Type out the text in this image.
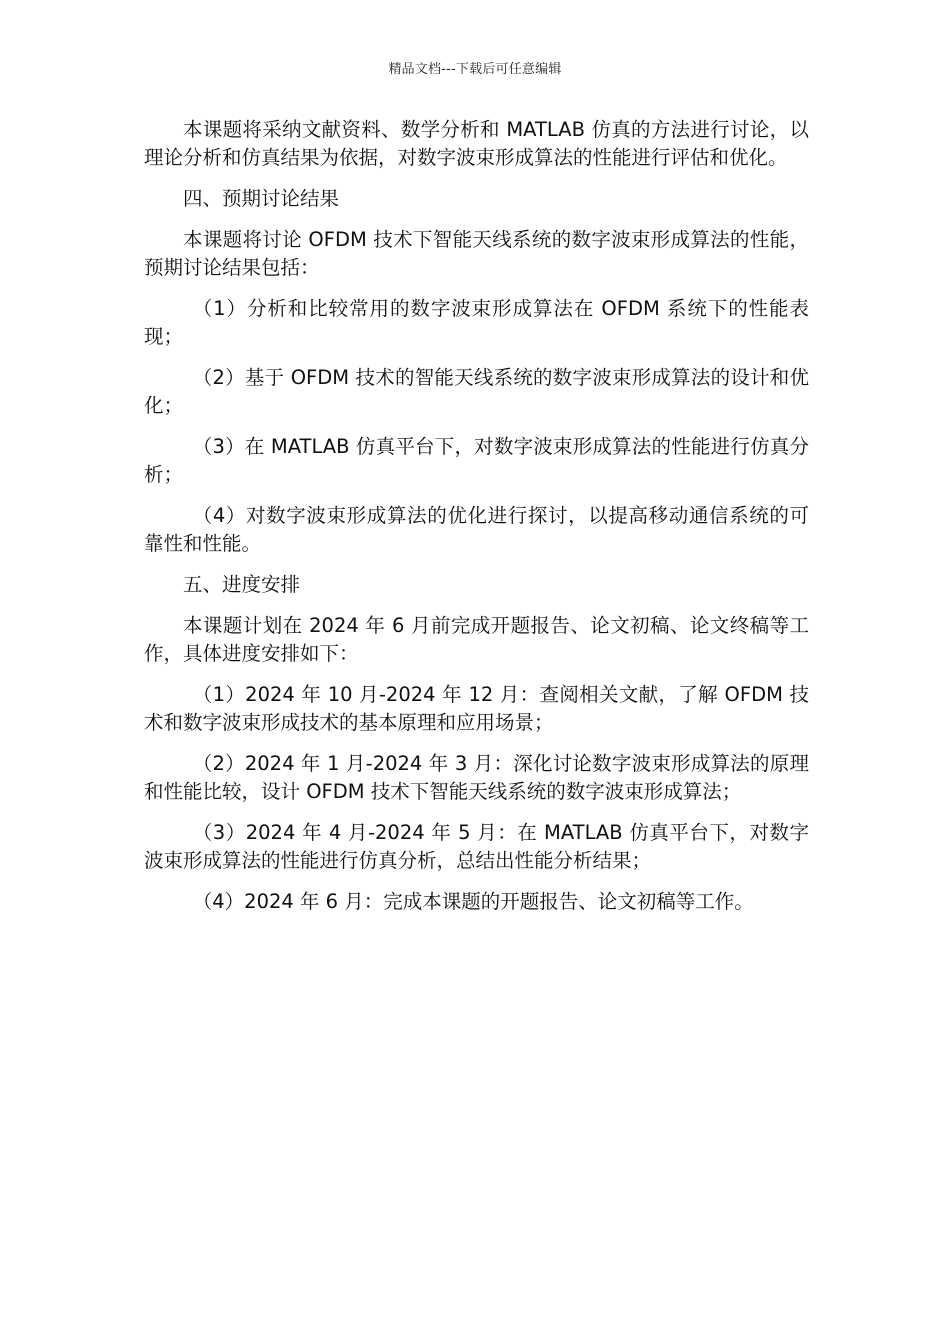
精品文档---下载后可任意编辑

本课题将采纳文献资料、数学分析和 MATLAB 仿真的方法进行讨论，以理论分析和仿真结果为依据，对数字波束形成算法的性能进行评估和优化。

四、预期讨论结果

本课题将讨论 OFDM 技术下智能天线系统的数字波束形成算法的性能，预期讨论结果包括：

（1）分析和比较常用的数字波束形成算法在 OFDM 系统下的性能表现；

（2）基于 OFDM 技术的智能天线系统的数字波束形成算法的设计和优化；

（3）在 MATLAB 仿真平台下，对数字波束形成算法的性能进行仿真分析；

（4）对数字波束形成算法的优化进行探讨，以提高移动通信系统的可靠性和性能。

五、进度安排

本课题计划在 2024 年 6 月前完成开题报告、论文初稿、论文终稿等工作，具体进度安排如下：

（1）2024 年 10 月-2024 年 12 月：查阅相关文献，了解 OFDM 技术和数字波束形成技术的基本原理和应用场景；

（2）2024 年 1 月-2024 年 3 月：深化讨论数字波束形成算法的原理和性能比较，设计 OFDM 技术下智能天线系统的数字波束形成算法；

（3）2024 年 4 月-2024 年 5 月：在 MATLAB 仿真平台下，对数字波束形成算法的性能进行仿真分析，总结出性能分析结果；

（4）2024 年 6 月：完成本课题的开题报告、论文初稿等工作。
